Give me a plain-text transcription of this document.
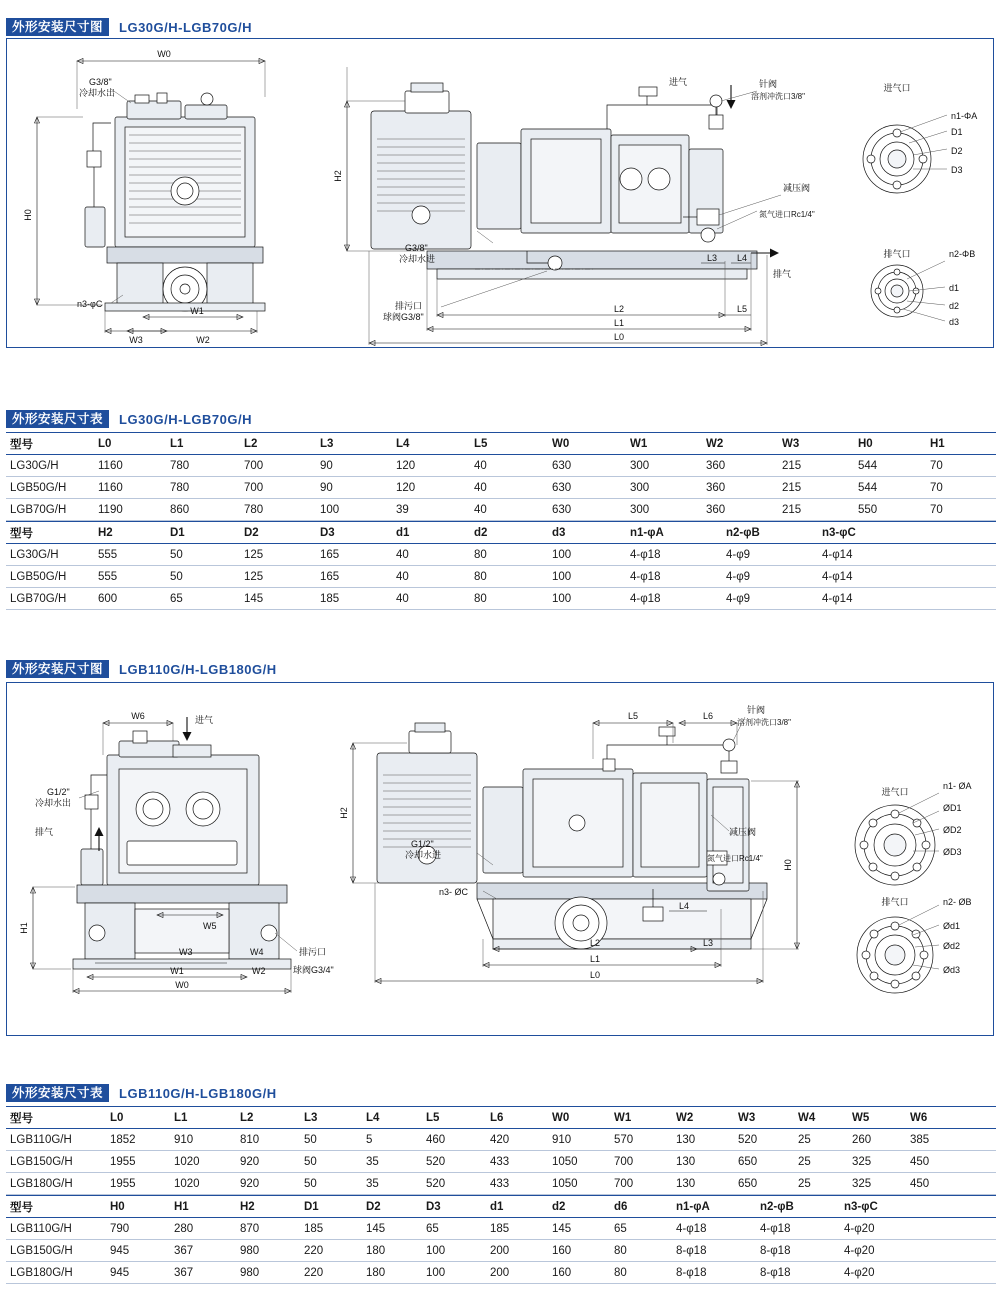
外形安装尺寸图	LG30G/H-LGB70G/H
W0
H0
G3/8"
冷却水出
n3-φC
W3
W1
W2
H2
G3/8"
冷却水进
排污口
球阀G3/8"
进气	针阀
溶剂冲洗口3/8"
减压阀
氮气进口Rc1/4"
排气
L3 L4
L2	L5
L1
L0
进气口
n1-ΦA
D1
D2
D3
排气口	n2-ΦB
d1
d2
d3
外形安装尺寸表	LG30G/H-LGB70G/H
型号	L0	L1	L2	L3	L4	L5	W0	W1	W2	W3	H0	H1
LG30G/H	1160	780	700	90	120	40	630	300	360	215	544	70
LGB50G/H	1160	780	700	90	120	40	630	300	360	215	544	70
LGB70G/H	1190	860	780	100	39	40	630	300	360	215	550	70
型号	H2	D1	D2	D3	d1	d2	d3	n1-φA	n2-φB	n3-φC
LG30G/H	555	50	125	165	40	80	100	4-φ18	4-φ9	4-φ14
LGB50G/H	555	50	125	165	40	80	100	4-φ18	4-φ9	4-φ14
LGB70G/H	600	65	145	185	40	80	100	4-φ18	4-φ9	4-φ14
外形安装尺寸图	LGB110G/H-LGB180G/H
W6	进气
G1/2"
冷却水出
排气
H1	W5
W3	W4
W1	W2
W0
排污口
球阀G3/4"
L5	L6
H2
H0
G1/2"
冷却水进
n3- ØC
针阀
溶剂冲洗口3/8"
减压阀
氮气进口Rc1/4"
L4
L2	L3
L1
L0
进气口
n1- ØA
ØD1
ØD2
ØD3
排气口	n2- ØB
Ød1
Ød2
Ød3
外形安装尺寸表	LGB110G/H-LGB180G/H
型号	L0	L1	L2	L3	L4	L5	L6	W0	W1	W2	W3	W4	W5	W6
LGB110G/H	1852	910	810	50	5	460	420	910	570	130	520	25	260	385
LGB150G/H	1955	1020	920	50	35	520	433	1050	700	130	650	25	325	450
LGB180G/H	1955	1020	920	50	35	520	433	1050	700	130	650	25	325	450
型号	H0	H1	H2	D1	D2	D3	d1	d2	d6	n1-φA	n2-φB	n3-φC
LGB110G/H	790	280	870	185	145	65	185	145	65	4-φ18	4-φ18	4-φ20
LGB150G/H	945	367	980	220	180	100	200	160	80	8-φ18	8-φ18	4-φ20
LGB180G/H	945	367	980	220	180	100	200	160	80	8-φ18	8-φ18	4-φ20
